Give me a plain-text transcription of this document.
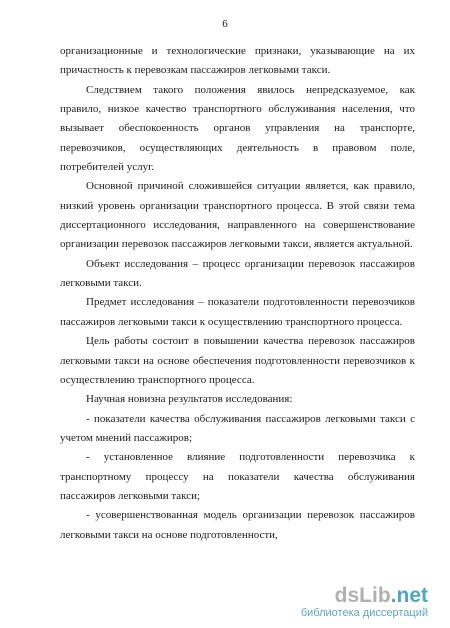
6

организационные и технологические признаки, указывающие на их причастность к перевозкам пассажиров легковыми такси.

Следствием такого положения явилось непредсказуемое, как правило, низкое качество транспортного обслуживания населения, что вызывает обеспокоенность органов управления на транспорте, перевозчиков, осуществляющих деятельность в правовом поле, потребителей услуг.

Основной причиной сложившейся ситуации является, как правило, низкий уровень организации транспортного процесса. В этой связи тема диссертационного исследования, направленного на совершенствование организации перевозок пассажиров легковыми такси, является актуальной.

Объект исследования – процесс организации перевозок пассажиров легковыми такси.

Предмет исследования – показатели подготовленности перевозчиков пассажиров легковыми такси к осуществлению транспортного процесса.

Цель работы состоит в повышении качества перевозок пассажиров легковыми такси на основе обеспечения подготовленности перевозчиков к осуществлению транспортного процесса.

Научная новизна результатов исследования:

- показатели качества обслуживания пассажиров легковыми такси с учетом мнений пассажиров;

- установленное влияние подготовленности перевозчика к транспортному процессу на показатели качества обслуживания пассажиров легковыми такси;

- усовершенствованная модель организации перевозок пассажиров легковыми такси на основе подготовленности,

dsLib.net
библиотека диссертаций
